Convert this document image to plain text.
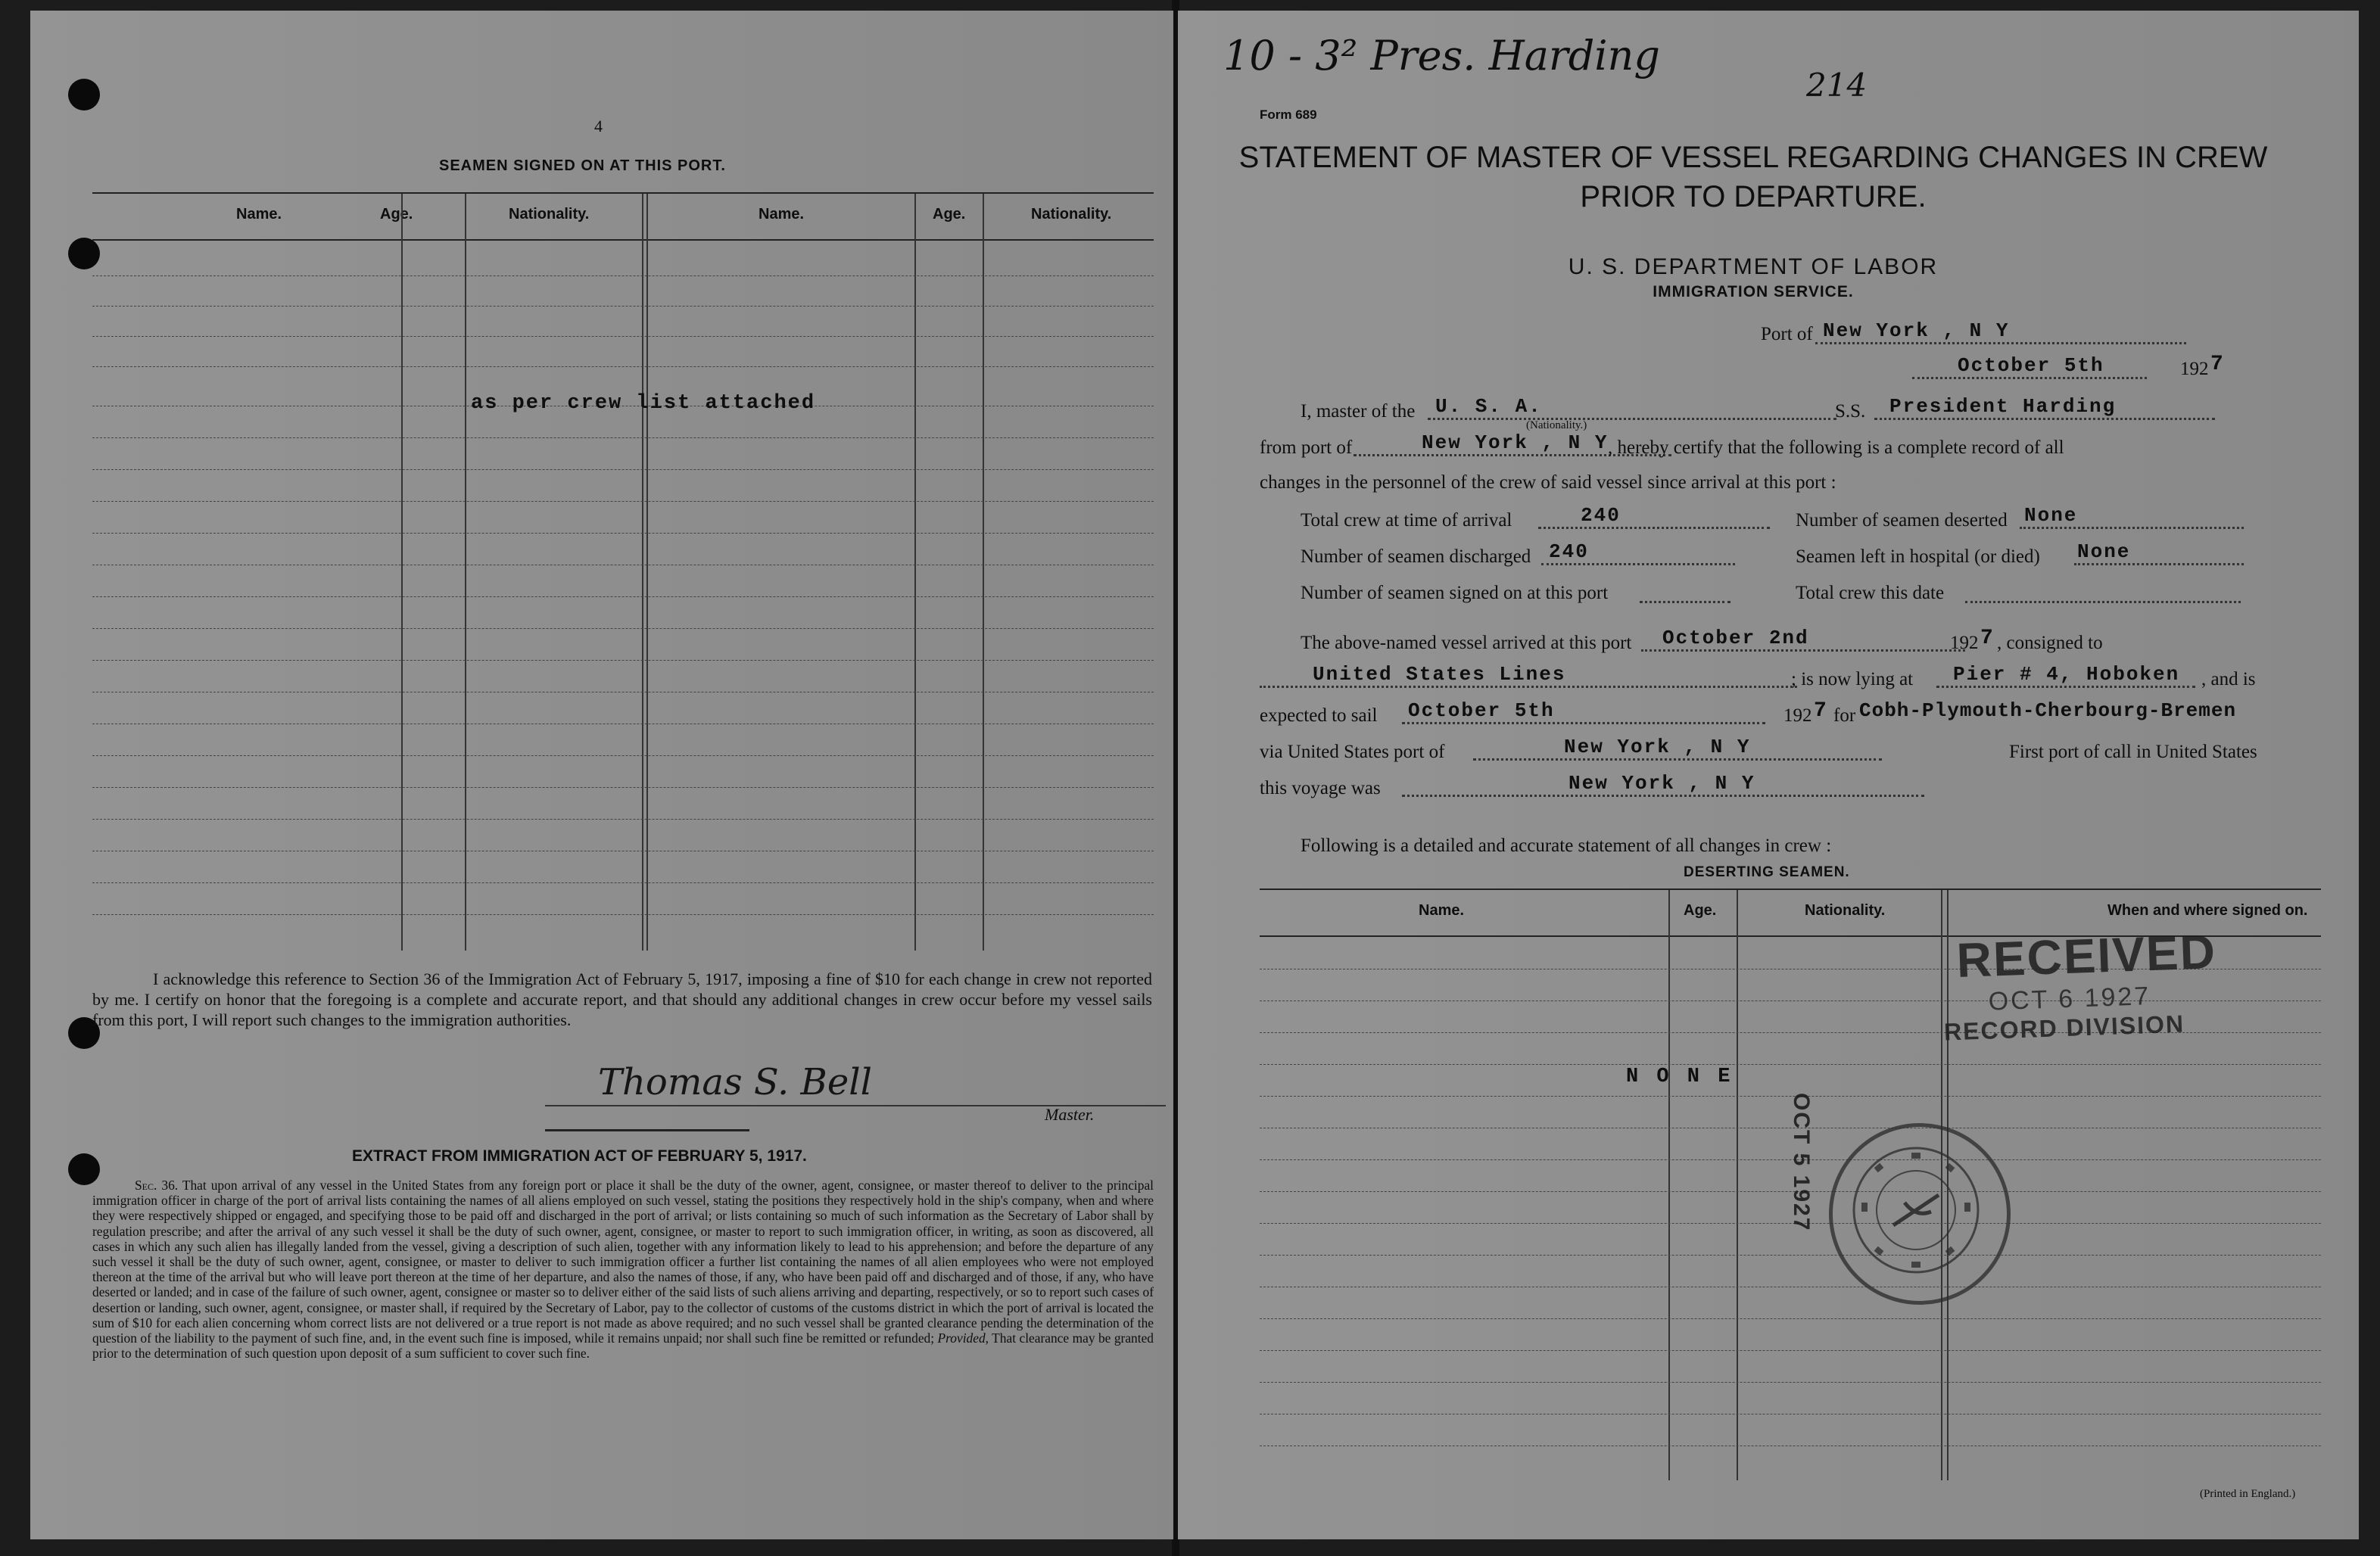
4
SEAMEN SIGNED ON AT THIS PORT.
Name.	Age.	Nationality.	Name.	Age.	Nationality.
as per crew list attached
I acknowledge this reference to Section 36 of the Immigration Act of February 5, 1917, imposing a fine of $10 for each change in crew not reported by me. I certify on honor that the foregoing is a complete and accurate report, and that should any additional changes in crew occur before my vessel sails from this port, I will report such changes to the immigration authorities.
Thomas S. Bell
Master.
EXTRACT FROM IMMIGRATION ACT OF FEBRUARY 5, 1917.
Sec. 36. That upon arrival of any vessel in the United States from any foreign port or place it shall be the duty of the owner, agent, consignee, or master thereof to deliver to the principal immigration officer in charge of the port of arrival lists containing the names of all aliens employed on such vessel, stating the positions they respectively hold in the ship's company, when and where they were respectively shipped or engaged, and specifying those to be paid off and discharged in the port of arrival; or lists containing so much of such information as the Secretary of Labor shall by regulation prescribe; and after the arrival of any such vessel it shall be the duty of such owner, agent, consignee, or master to report to such immigration officer, in writing, as soon as discovered, all cases in which any such alien has illegally landed from the vessel, giving a description of such alien, together with any information likely to lead to his apprehension; and before the departure of any such vessel it shall be the duty of such owner, agent, consignee, or master to deliver to such immigration officer a further list containing the names of all alien employees who were not employed thereon at the time of the arrival but who will leave port thereon at the time of her departure, and also the names of those, if any, who have been paid off and discharged and of those, if any, who have deserted or landed; and in case of the failure of such owner, agent, consignee or master so to deliver either of the said lists of such aliens arriving and departing, respectively, or so to report such cases of desertion or landing, such owner, agent, consignee, or master shall, if required by the Secretary of Labor, pay to the collector of customs of the customs district in which the port of arrival is located the sum of $10 for each alien concerning whom correct lists are not delivered or a true report is not made as above required; and no such vessel shall be granted clearance pending the determination of the question of the liability to the payment of such fine, and, in the event such fine is imposed, while it remains unpaid; nor shall such fine be remitted or refunded; Provided, That clearance may be granted prior to the determination of such question upon deposit of a sum sufficient to cover such fine.
10 - 3² Pres. Harding
214
Form 689
STATEMENT OF MASTER OF VESSEL REGARDING CHANGES IN CREW
PRIOR TO DEPARTURE.
U. S. DEPARTMENT OF LABOR
IMMIGRATION SERVICE.
Port of New York , N Y
October 5th	192 7
I, master of the	U. S. A.
(Nationality.)
S.S.	President Harding
from port of	New York , N Y , hereby certify that the following is a complete record of all
changes in the personnel of the crew of said vessel since arrival at this port :
Total crew at time of arrival	240	Number of seamen deserted None
Number of seamen discharged 240	Seamen left in hospital (or died) None
Number of seamen signed on at this port	Total crew this date
The above-named vessel arrived at this port	October 2nd	192 7 , consigned to
United States Lines	; is now lying at	Pier # 4, Hoboken	, and is
expected to sail	October 5th	192 7 for Cobh-Plymouth-Cherbourg-Bremen
via United States port of	New York , N Y	First port of call in United States
this voyage was	New York , N Y
Following is a detailed and accurate statement of all changes in crew :
DESERTING SEAMEN.
Name.	Age.	Nationality.	When and where signed on.
N O N E
RECEIVED
OCT 6 1927
RECORD DIVISION
OCT 5 1927
(Printed in England.)
